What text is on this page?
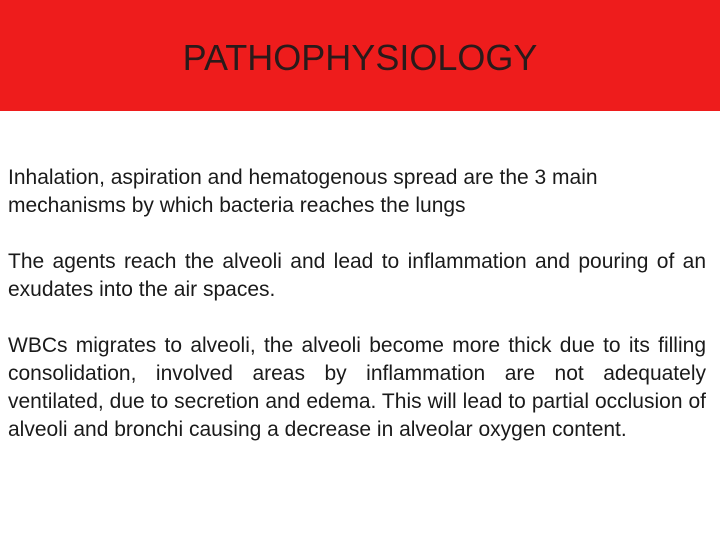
PATHOPHYSIOLOGY

Inhalation, aspiration and hematogenous spread are the 3 main mechanisms by which bacteria reaches the lungs

The agents reach the alveoli and lead to inflammation and pouring of an exudates into the air spaces.

WBCs migrates to alveoli, the alveoli become more thick due to its filling consolidation, involved areas by inflammation are not adequately ventilated, due to secretion and edema. This will lead to partial occlusion of alveoli and bronchi causing a decrease in alveolar oxygen content.
